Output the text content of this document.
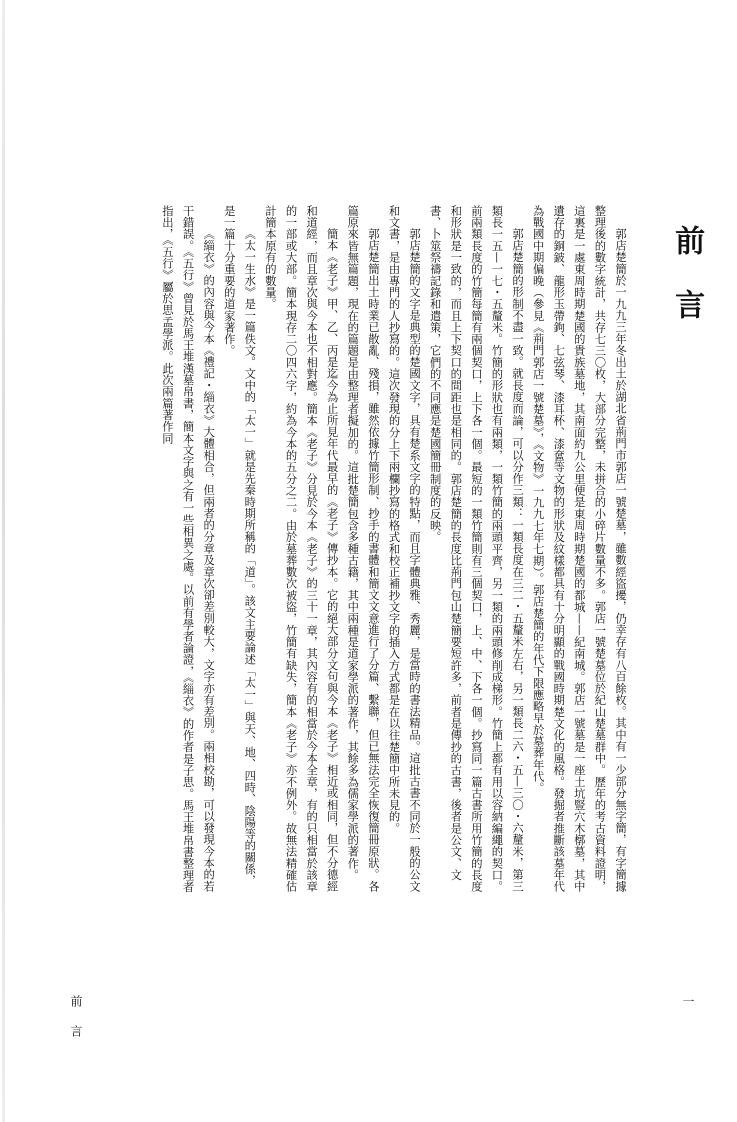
前言

郭店楚簡於一九九三年冬出土於湖北省荊門市郭店一號楚墓，雖數經盜擾，仍幸存有八百餘枚。其中有一少部分無字簡，有字簡據整理後的數字統計，共存七三〇枚，大部分完整，未拼合的小碎片數量不多。郭店一號楚墓位於紀山楚墓群中。歷年的考古資料證明，這裏是一處東周時期楚國的貴族墓地，其南面約九公里便是東周時期楚國的都城——紀南城。郭店一號墓是一座土坑豎穴木槨墓，其中遺存的銅鈹、龍形玉帶鉤、七弦琴、漆耳杯、漆奩等文物的形狀及紋樣都具有十分明顯的戰國時期楚文化的風格。發掘者推斷該墓年代為戰國中期偏晚（參見《荊門郭店一號楚墓》，《文物》一九九七年七期）。郭店楚簡的年代下限應略早於墓葬年代。

郭店楚簡的形制不盡一致。就長度而論，可以分作三類：一類長度在三二・五釐米左右，另一類長二六・五—三〇・六釐米，第三類長一五—一七・五釐米。竹簡的形狀也有兩類，一類竹簡的兩頭平齊，另一類的兩頭修削成梯形。竹簡上都有用以容納編繩的契口。前兩類長度的竹簡每簡有兩個契口，上下各一個。最短的一類竹簡則有三個契口，上、中、下各一個。抄寫同一篇古書所用竹簡的長度和形狀是一致的，而且上下契口的間距也是相同的。郭店楚簡的長度比荊門包山楚簡要短許多，前者是傳抄的古書，後者是公文、文書、卜筮祭禱記錄和遣策，它們的不同應是楚國簡冊制度的反映。

郭店楚簡的文字是典型的楚國文字，具有楚系文字的特點，而且字體典雅、秀麗，是當時的書法精品。這批古書不同於一般的公文和文書，是由專門的人抄寫的。這次發現的分上下兩欄抄寫的格式和校正補抄文字的插入方式都是在以往楚簡中所未見的。

郭店楚簡出土時業已散亂、殘損，雖然依據竹簡形制、抄手的書體和簡文文意進行了分篇、繫聯，但已無法完全恢復簡冊原狀。各篇原來皆無篇題，現在的篇題是由整理者擬加的。這批楚簡包含多種古籍，其中兩種是道家學派的著作，其餘多為儒家學派的著作。

簡本《老子》甲、乙、丙是迄今為止所見年代最早的《老子》傳抄本。它的絕大部分文句與今本《老子》相近或相同，但不分德經和道經，而且章次與今本也不相對應。簡本《老子》分見於今本《老子》的三十一章，其內容有的相當於今本全章，有的只相當於該章的一部或大部。簡本現存二〇四六字，約為今本的五分之二。由於墓葬數次被盜，竹簡有缺失，簡本《老子》亦不例外。故無法精確估計簡本原有的數量。

《太一生水》是一篇佚文。文中的「太一」就是先秦時期所稱的「道」。該文主要論述「太一」與天、地、四時、陰陽等的關係，是一篇十分重要的道家著作。

《緇衣》的內容與今本《禮記・緇衣》大體相合，但兩者的分章及章次卻差別較大，文字亦有差別。兩相校勘，可以發現今本的若干錯誤。《五行》曾見於馬王堆漢墓帛書，簡本文字與之有一些相異之處。以前有學者論證，《緇衣》的作者是子思。馬王堆帛書整理者指出，《五行》屬於思孟學派。此次兩篇著作同

前言	一
